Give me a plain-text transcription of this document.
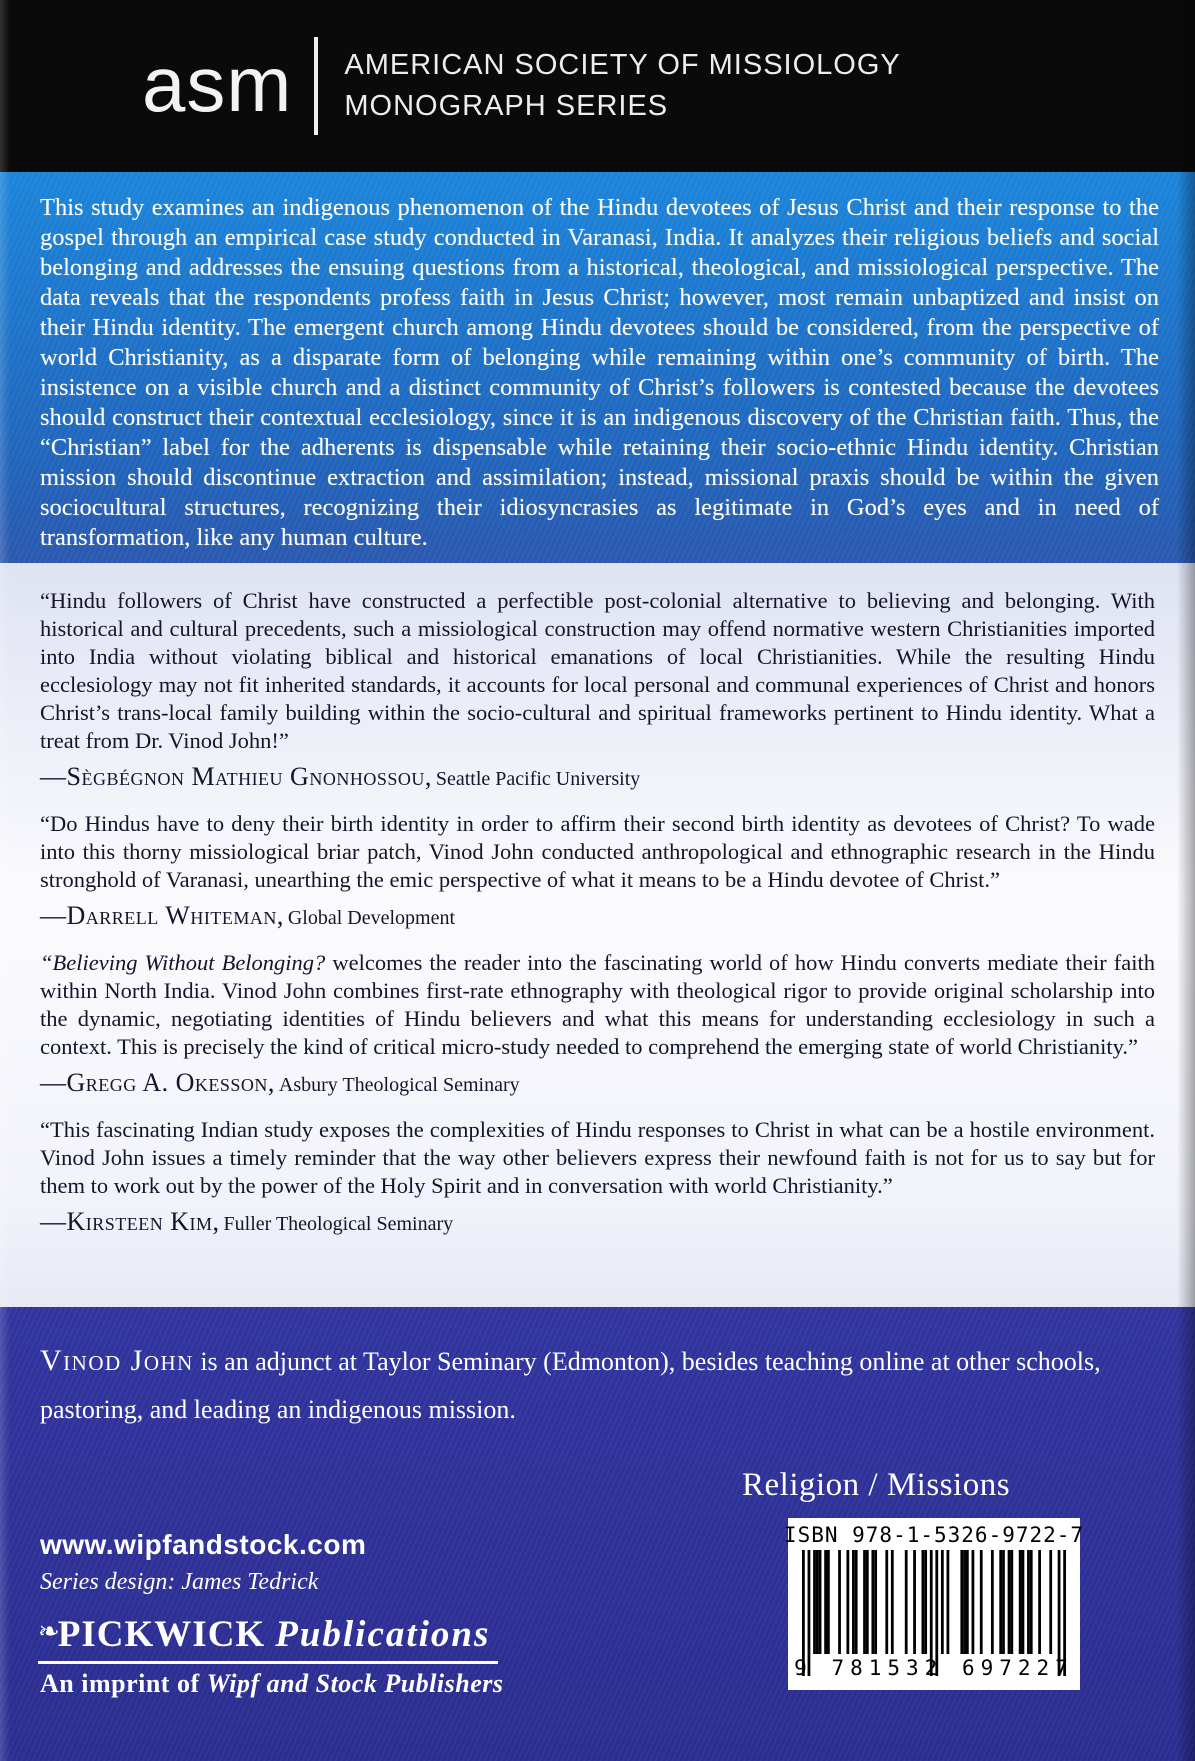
asm AMERICAN SOCIETY OF MISSIOLOGY
MONOGRAPH SERIES

This study examines an indigenous phenomenon of the Hindu devotees of Jesus Christ and their response to the gospel through an empirical case study conducted in Varanasi, India. It analyzes their religious beliefs and social belonging and addresses the ensuing questions from a historical, theological, and missiological perspective. The data reveals that the respondents profess faith in Jesus Christ; however, most remain unbaptized and insist on their Hindu identity. The emergent church among Hindu devotees should be considered, from the perspective of world Christianity, as a disparate form of belonging while remaining within one’s community of birth. The insistence on a visible church and a distinct community of Christ’s followers is contested because the devotees should construct their contextual ecclesiology, since it is an indigenous discovery of the Christian faith. Thus, the “Christian” label for the adherents is dispensable while retaining their socio-ethnic Hindu identity. Christian mission should discontinue extraction and assimilation; instead, missional praxis should be within the given sociocultural structures, recognizing their idiosyncrasies as legitimate in God’s eyes and in need of transformation, like any human culture.

“Hindu followers of Christ have constructed a perfectible post-colonial alternative to believing and belonging. With historical and cultural precedents, such a missiological construction may offend normative western Christianities imported into India without violating biblical and historical emanations of local Christianities. While the resulting Hindu ecclesiology may not fit inherited standards, it accounts for local personal and communal experiences of Christ and honors Christ’s trans-local family building within the socio-cultural and spiritual frameworks pertinent to Hindu identity. What a treat from Dr. Vinod John!”

—Sègbégnon Mathieu Gnonhossou, Seattle Pacific University

“Do Hindus have to deny their birth identity in order to affirm their second birth identity as devotees of Christ? To wade into this thorny missiological briar patch, Vinod John conducted anthropological and ethnographic research in the Hindu stronghold of Varanasi, unearthing the emic perspective of what it means to be a Hindu devotee of Christ.”

—Darrell Whiteman, Global Development

“Believing Without Belonging? welcomes the reader into the fascinating world of how Hindu converts mediate their faith within North India. Vinod John combines first-rate ethnography with theological rigor to provide original scholarship into the dynamic, negotiating identities of Hindu believers and what this means for understanding ecclesiology in such a context. This is precisely the kind of critical micro-study needed to comprehend the emerging state of world Christianity.”

—Gregg A. Okesson, Asbury Theological Seminary

“This fascinating Indian study exposes the complexities of Hindu responses to Christ in what can be a hostile environment. Vinod John issues a timely reminder that the way other believers express their newfound faith is not for us to say but for them to work out by the power of the Holy Spirit and in conversation with world Christianity.”

—Kirsteen Kim, Fuller Theological Seminary

Vinod John is an adjunct at Taylor Seminary (Edmonton), besides teaching online at other schools, pastoring, and leading an indigenous mission.

Religion / Missions
ISBN 978-1-5326-9722-7
9 781532 697227
www.wipfandstock.com
Series design: James Tedrick
❧PICKWICK Publications
An imprint of Wipf and Stock Publishers
